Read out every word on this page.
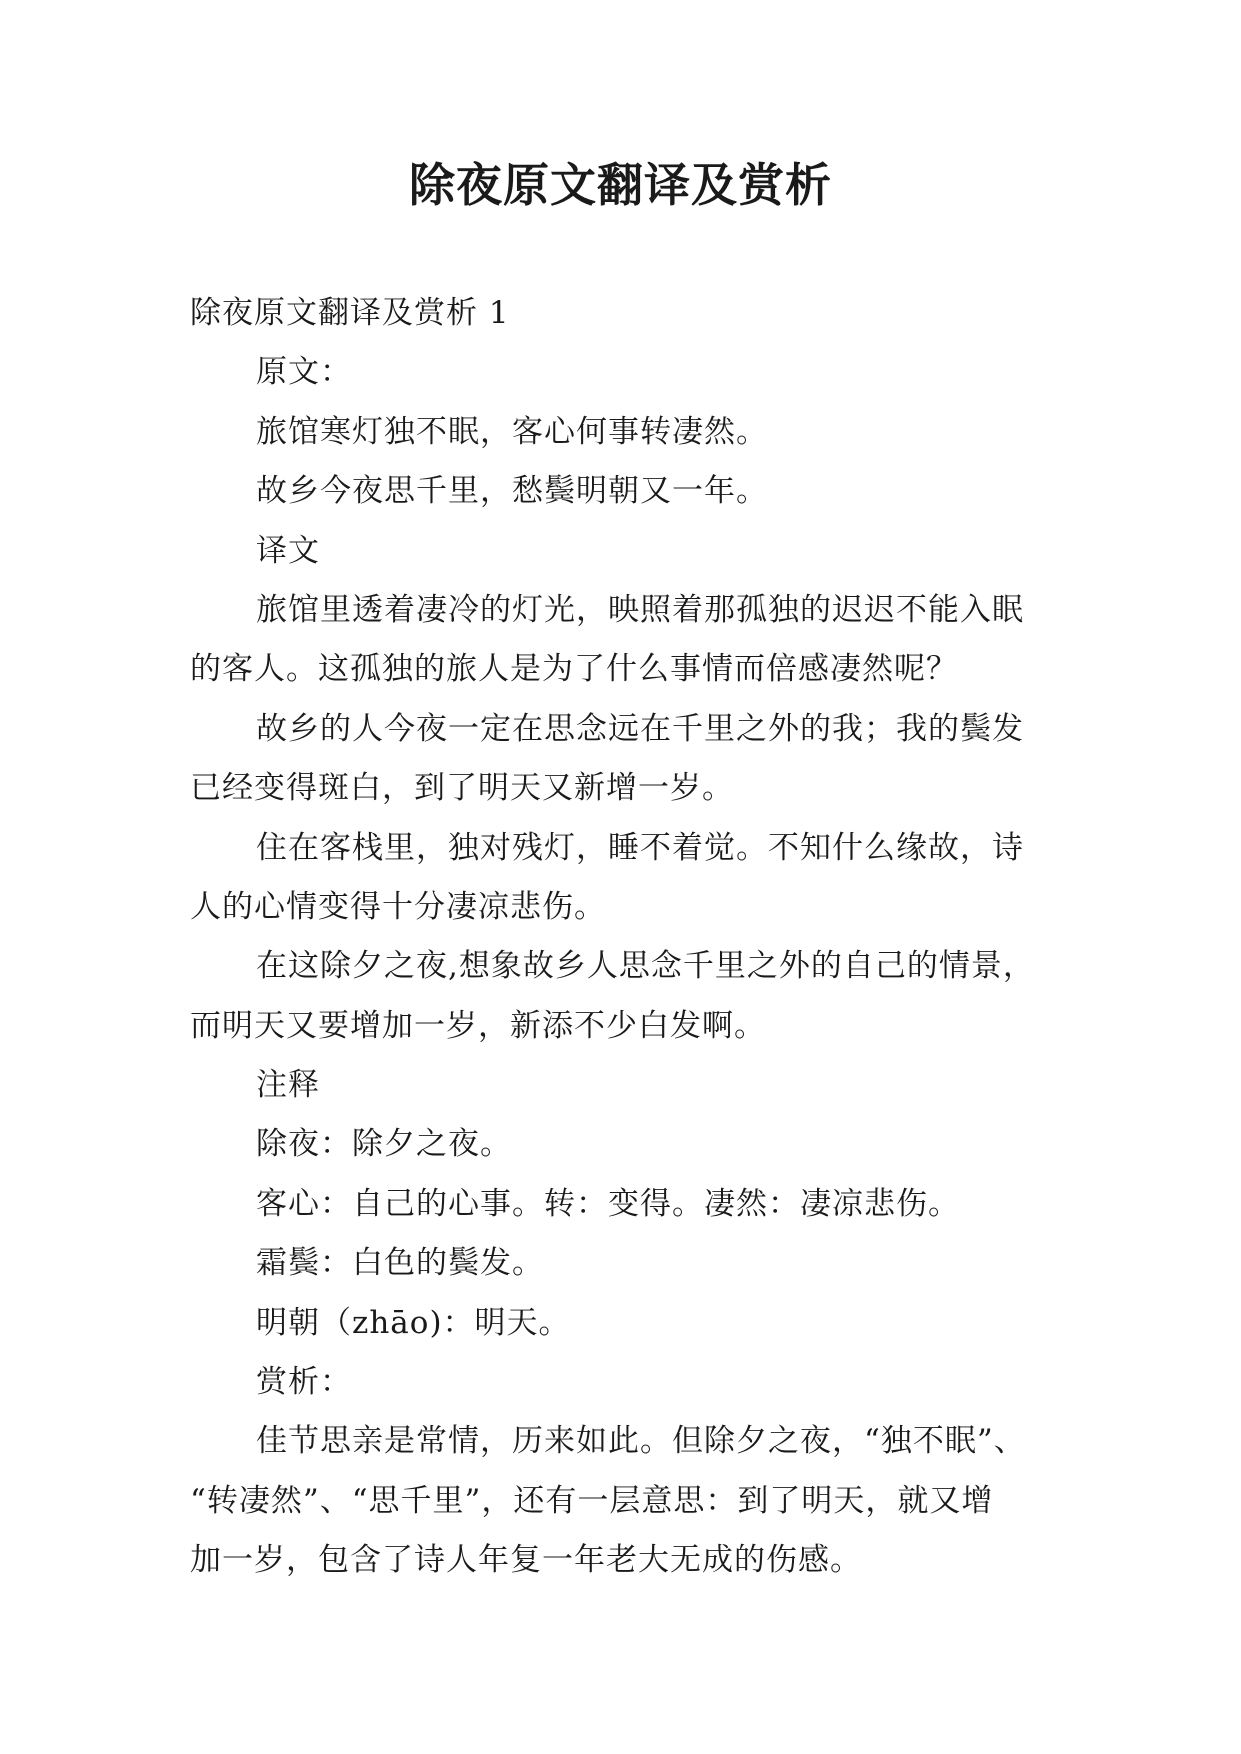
除夜原文翻译及赏析

除夜原文翻译及赏析 1

原文：

旅馆寒灯独不眠，客心何事转凄然。

故乡今夜思千里，愁鬓明朝又一年。

译文

旅馆里透着凄冷的灯光，映照着那孤独的迟迟不能入眠

的客人。这孤独的旅人是为了什么事情而倍感凄然呢？

故乡的人今夜一定在思念远在千里之外的我；我的鬓发

已经变得斑白，到了明天又新增一岁。

住在客栈里，独对残灯，睡不着觉。不知什么缘故，诗

人的心情变得十分凄凉悲伤。

在这除夕之夜,想象故乡人思念千里之外的自己的情景，

而明天又要增加一岁，新添不少白发啊。

注释

除夜：除夕之夜。

客心：自己的心事。转：变得。凄然：凄凉悲伤。

霜鬓：白色的鬓发。

明朝（zhāo)：明天。

赏析：

佳节思亲是常情，历来如此。但除夕之夜，“独不眠”、

“转凄然”、“思千里”，还有一层意思：到了明天，就又增

加一岁，包含了诗人年复一年老大无成的伤感。
